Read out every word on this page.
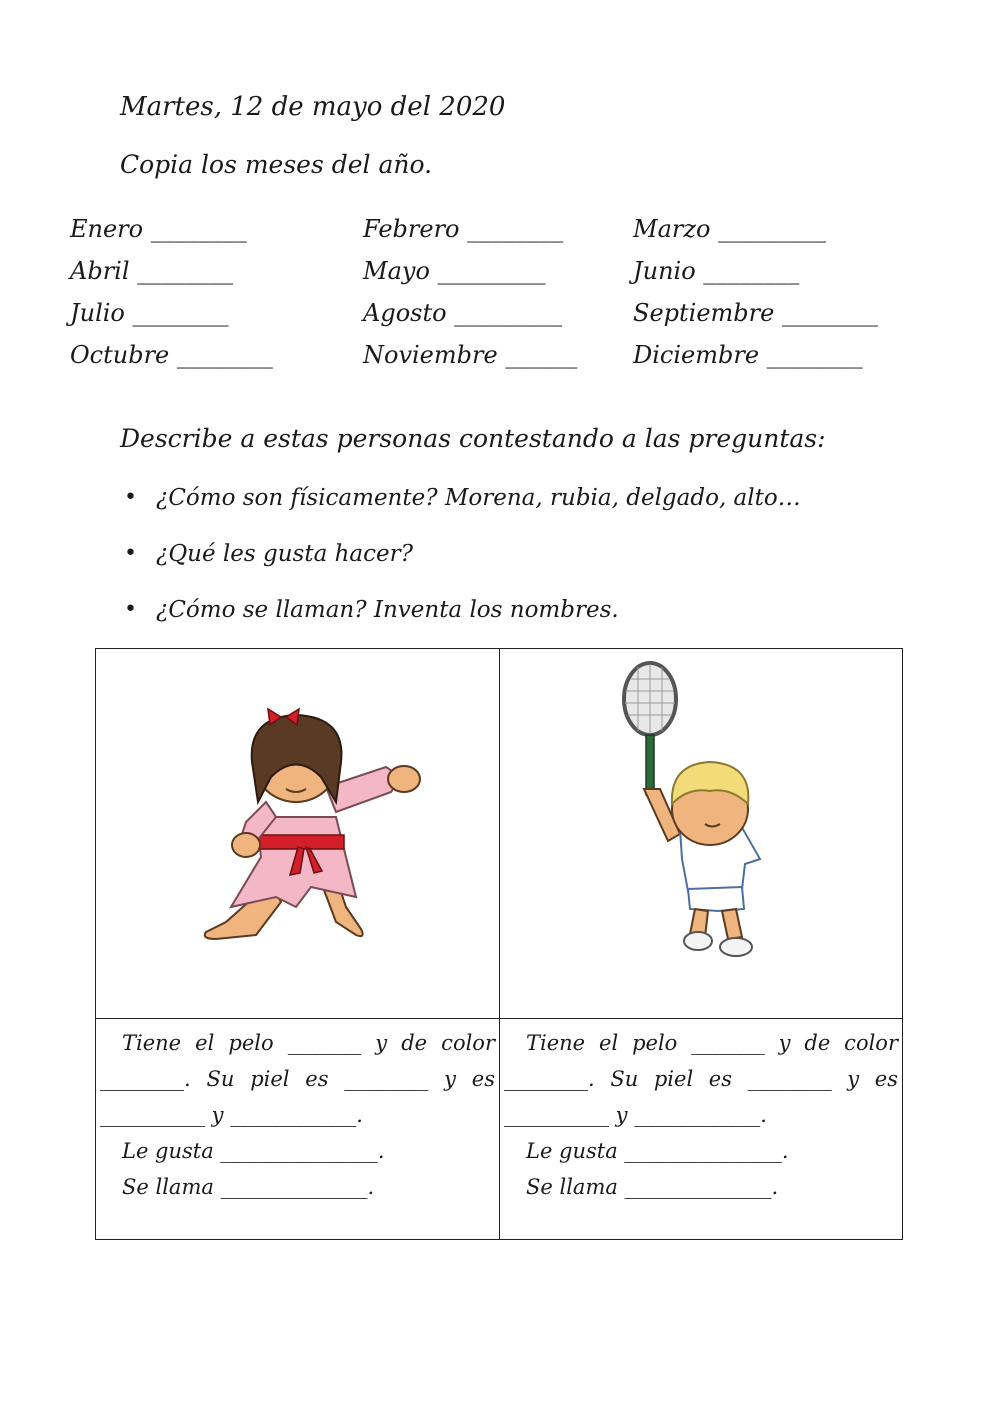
Martes, 12 de mayo del 2020
Copia los meses del año.
Enero ________	Febrero ________	Marzo _________
Abril ________	Mayo _________	Junio ________
Julio ________	Agosto _________	Septiembre ________
Octubre ________	Noviembre ______	Diciembre ________
Describe a estas personas contestando a las preguntas:
• ¿Cómo son físicamente? Morena, rubia, delgado, alto…
• ¿Qué les gusta hacer?
• ¿Cómo se llaman? Inventa los nombres.

Tiene el pelo _______ y de color ________. Su piel es ________ y es __________ y ____________.

Le gusta _______________.

Se llama ______________.

Tiene el pelo _______ y de color ________. Su piel es ________ y es __________ y ____________.

Le gusta _______________.

Se llama ______________.
